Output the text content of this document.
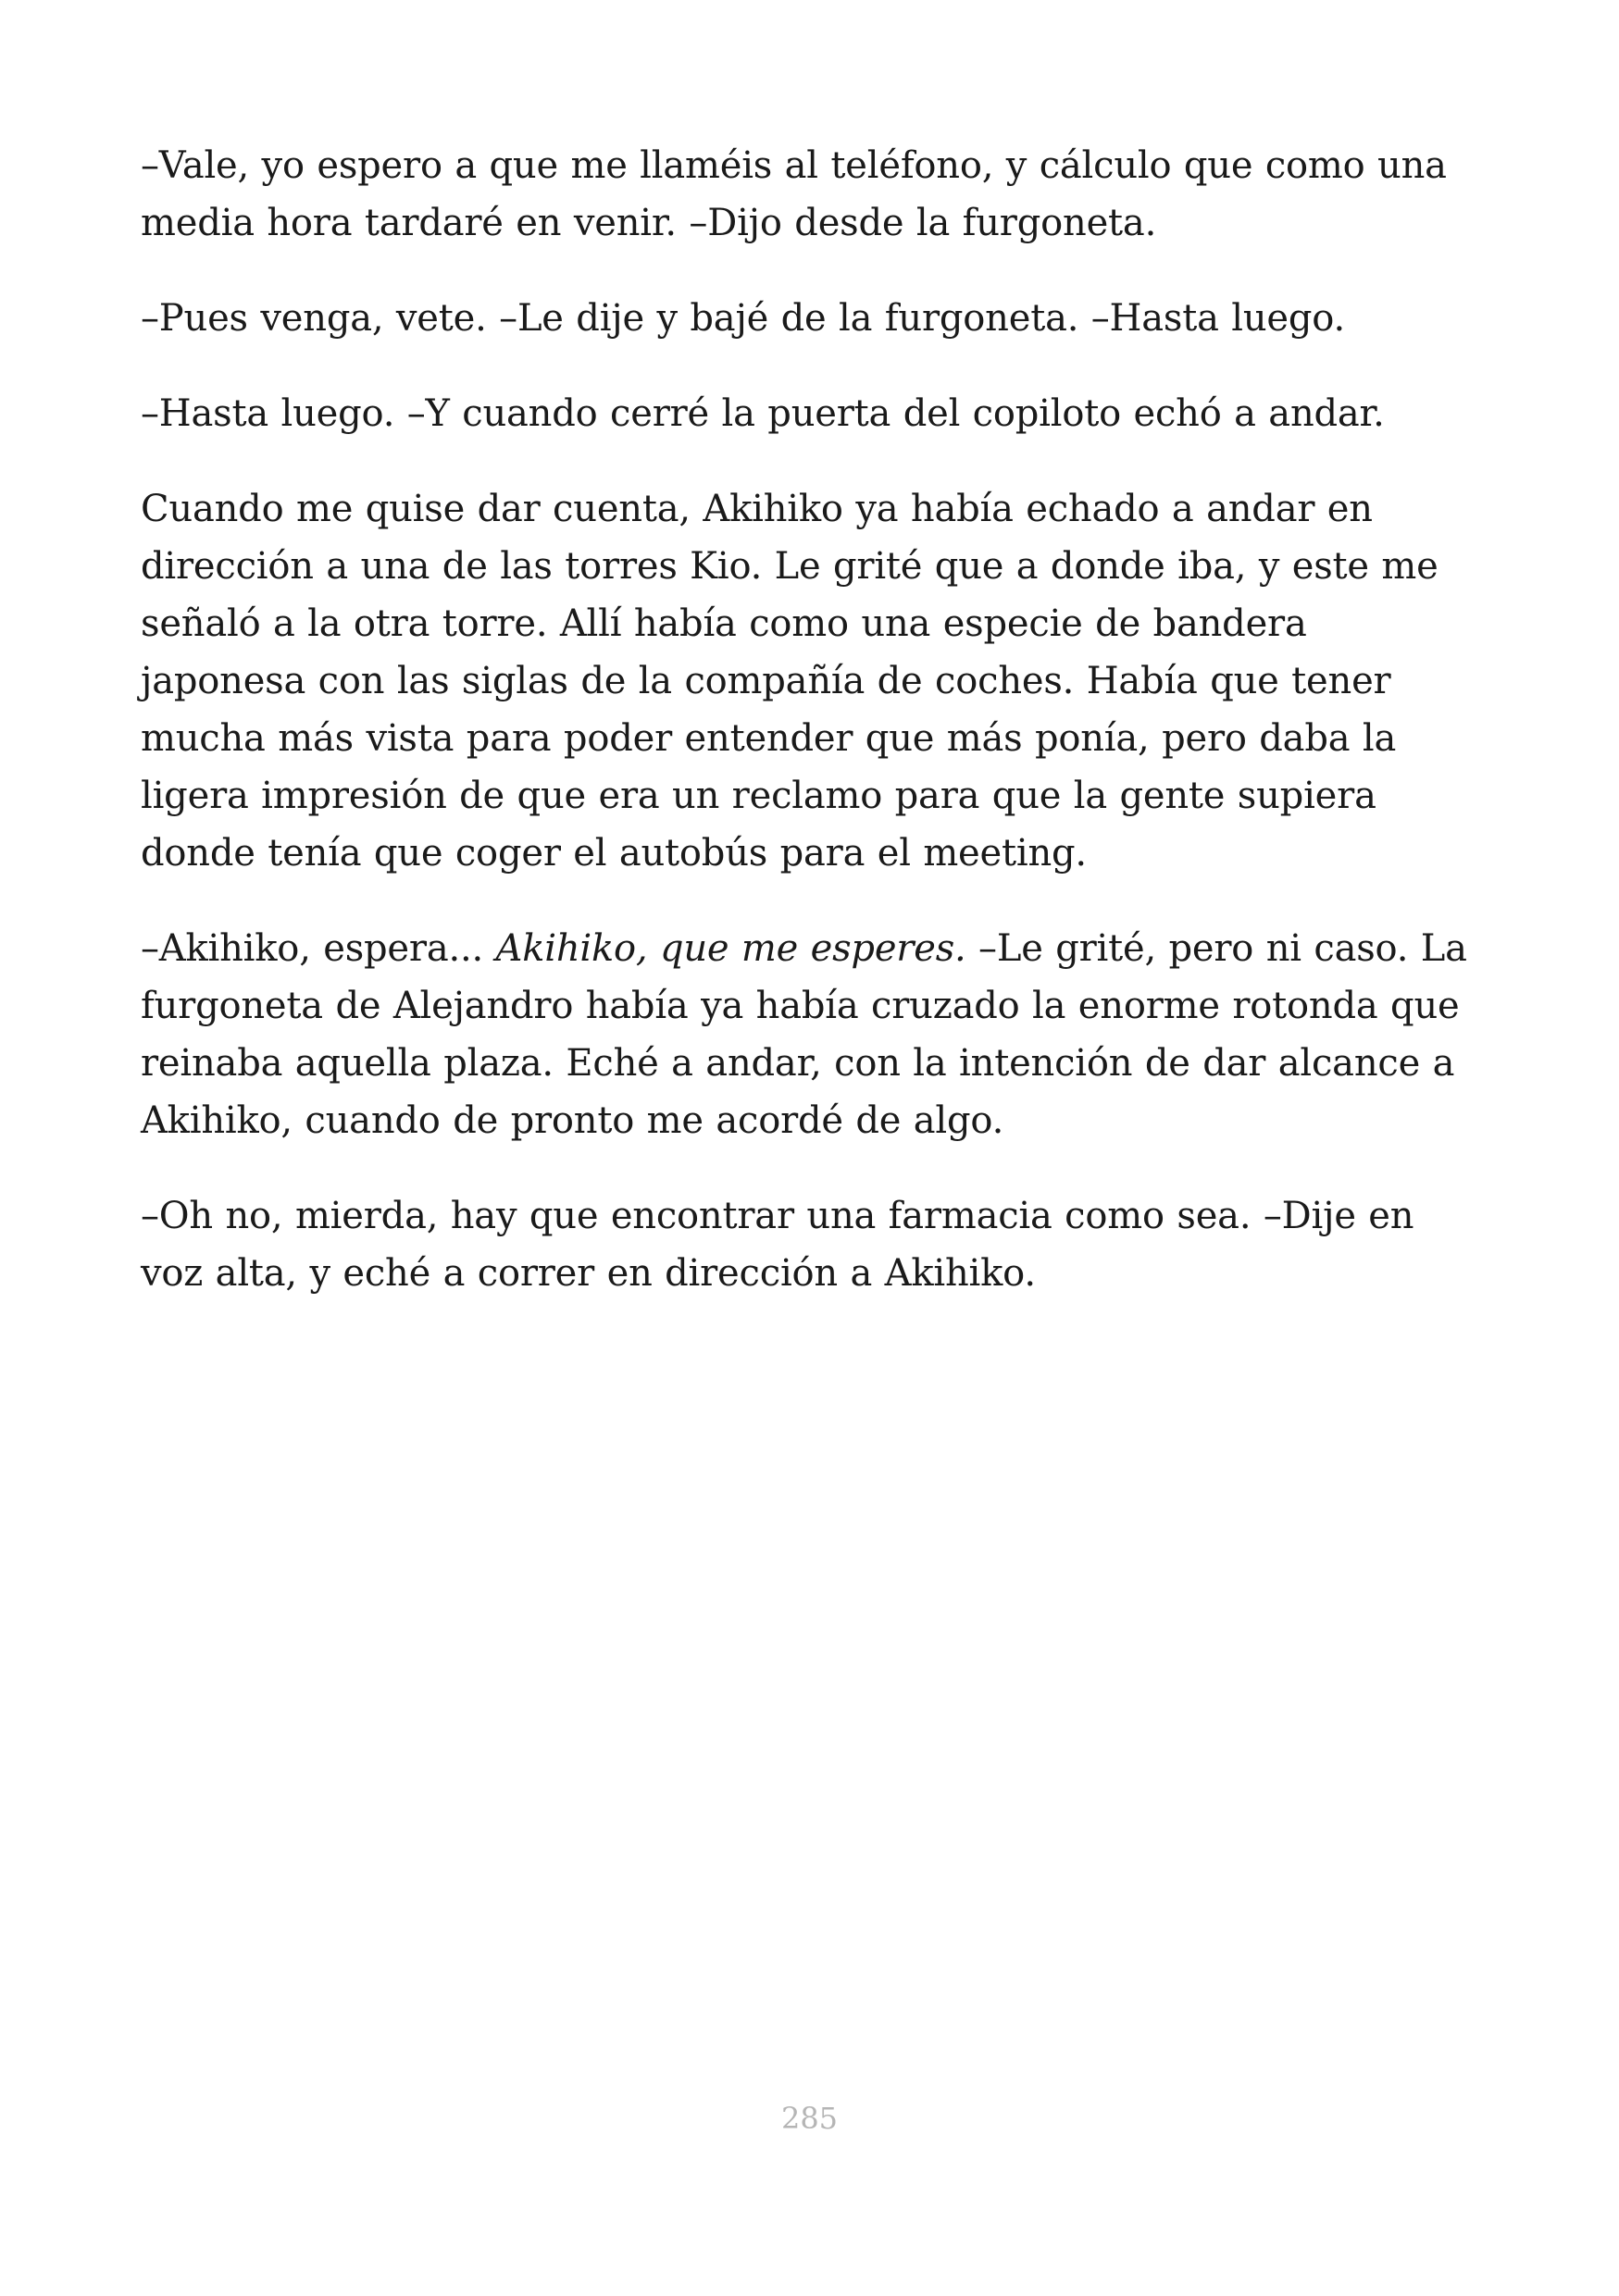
–Vale, yo espero a que me llaméis al teléfono, y cálculo que como una media hora tardaré en venir. –Dijo desde la furgoneta.

–Pues venga, vete. –Le dije y bajé de la furgoneta. –Hasta luego.

–Hasta luego. –Y cuando cerré la puerta del copiloto echó a andar.

Cuando me quise dar cuenta, Akihiko ya había echado a andar en dirección a una de las torres Kio. Le grité que a donde iba, y este me señaló a la otra torre. Allí había como una especie de bandera japonesa con las siglas de la compañía de coches. Había que tener mucha más vista para poder entender que más ponía, pero daba la ligera impresión de que era un reclamo para que la gente supiera donde tenía que coger el autobús para el meeting.

–Akihiko, espera... Akihiko, que me esperes. –Le grité, pero ni caso. La furgoneta de Alejandro había ya había cruzado la enorme rotonda que reinaba aquella plaza. Eché a andar, con la intención de dar alcance a Akihiko, cuando de pronto me acordé de algo.

–Oh no, mierda, hay que encontrar una farmacia como sea. –Dije en voz alta, y eché a correr en dirección a Akihiko.

285
